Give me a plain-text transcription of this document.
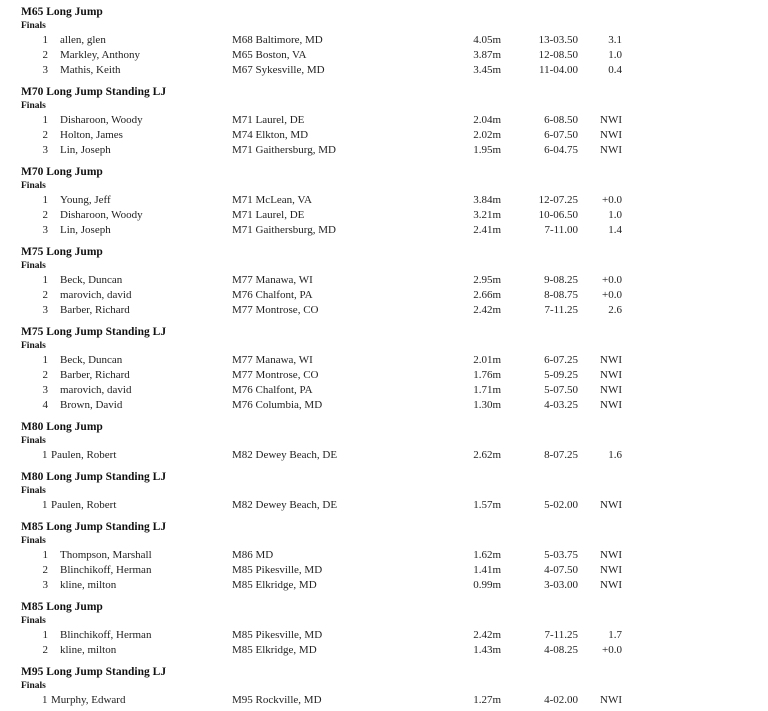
M65 Long Jump
Finals
1 allen, glen	M68 Baltimore, MD	4.05m	13-03.50	3.1
2 Markley, Anthony	M65 Boston, VA	3.87m	12-08.50	1.0
3 Mathis, Keith	M67 Sykesville, MD	3.45m	11-04.00	0.4
M70 Long Jump Standing LJ
Finals
1 Disharoon, Woody	M71 Laurel, DE	2.04m	6-08.50 NWI
2 Holton, James	M74 Elkton, MD	2.02m	6-07.50 NWI
3 Lin, Joseph	M71 Gaithersburg, MD	1.95m	6-04.75 NWI
M70 Long Jump
Finals
1 Young, Jeff	M71 McLean, VA	3.84m	12-07.25 +0.0
2 Disharoon, Woody	M71 Laurel, DE	3.21m	10-06.50	1.0
3 Lin, Joseph	M71 Gaithersburg, MD	2.41m	7-11.00	1.4
M75 Long Jump
Finals
1 Beck, Duncan	M77 Manawa, WI	2.95m	9-08.25 +0.0
2 marovich, david	M76 Chalfont, PA	2.66m	8-08.75 +0.0
3 Barber, Richard	M77 Montrose, CO	2.42m	7-11.25	2.6
M75 Long Jump Standing LJ
Finals
1 Beck, Duncan	M77 Manawa, WI	2.01m	6-07.25 NWI
2 Barber, Richard	M77 Montrose, CO	1.76m	5-09.25 NWI
3 marovich, david	M76 Chalfont, PA	1.71m	5-07.50 NWI
4 Brown, David	M76 Columbia, MD	1.30m	4-03.25 NWI
M80 Long Jump
Finals
1 Paulen, Robert	M82 Dewey Beach, DE	2.62m	8-07.25	1.6
M80 Long Jump Standing LJ
Finals
1 Paulen, Robert	M82 Dewey Beach, DE	1.57m	5-02.00 NWI
M85 Long Jump Standing LJ
Finals
1 Thompson, Marshall	M86 MD	1.62m	5-03.75 NWI
2 Blinchikoff, Herman	M85 Pikesville, MD	1.41m	4-07.50 NWI
3 kline, milton	M85 Elkridge, MD	0.99m	3-03.00 NWI
M85 Long Jump
Finals
1 Blinchikoff, Herman	M85 Pikesville, MD	2.42m	7-11.25	1.7
2 kline, milton	M85 Elkridge, MD	1.43m	4-08.25 +0.0
M95 Long Jump Standing LJ
Finals
1 Murphy, Edward	M95 Rockville, MD	1.27m	4-02.00 NWI
